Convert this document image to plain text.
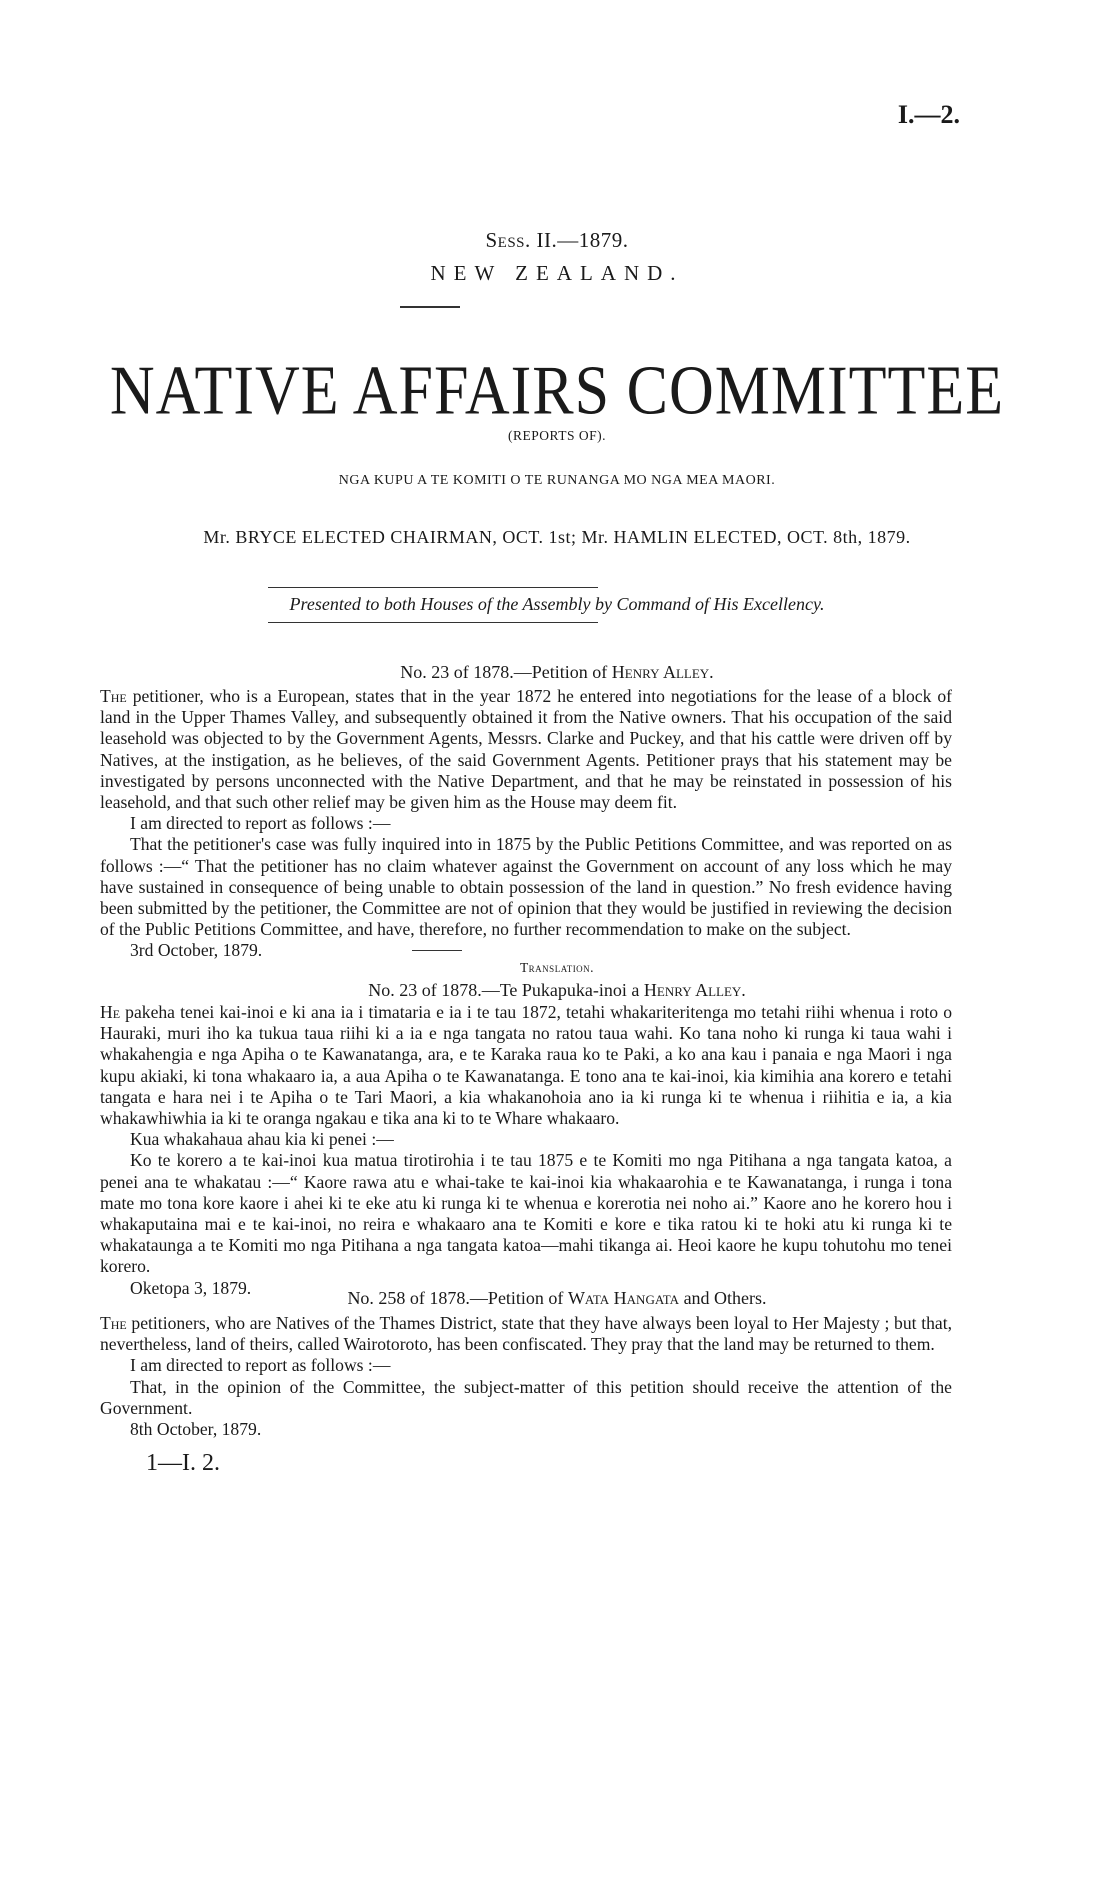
I.—2.
Sess. II.—1879.
NEW ZEALAND.
NATIVE AFFAIRS COMMITTEE
(REPORTS OF).
NGA KUPU A TE KOMITI O TE RUNANGA MO NGA MEA MAORI.
Mr. BRYCE ELECTED CHAIRMAN, OCT. 1st; Mr. HAMLIN ELECTED, OCT. 8th, 1879.
Presented to both Houses of the Assembly by Command of His Excellency.
No. 23 of 1878.—Petition of Henry Alley.

The petitioner, who is a European, states that in the year 1872 he entered into negotiations for the lease of a block of land in the Upper Thames Valley, and subsequently obtained it from the Native owners. That his occupation of the said leasehold was objected to by the Government Agents, Messrs. Clarke and Puckey, and that his cattle were driven off by Natives, at the instigation, as he believes, of the said Government Agents. Petitioner prays that his statement may be investigated by persons unconnected with the Native Department, and that he may be reinstated in possession of his leasehold, and that such other relief may be given him as the House may deem fit.

I am directed to report as follows :—

That the petitioner's case was fully inquired into in 1875 by the Public Petitions Committee, and was reported on as follows :—“ That the petitioner has no claim whatever against the Government on account of any loss which he may have sustained in consequence of being unable to obtain possession of the land in question.” No fresh evidence having been submitted by the petitioner, the Committee are not of opinion that they would be justified in reviewing the decision of the Public Petitions Committee, and have, therefore, no further recommendation to make on the subject.

3rd October, 1879.

Translation.
No. 23 of 1878.—Te Pukapuka-inoi a Henry Alley.

He pakeha tenei kai-inoi e ki ana ia i timataria e ia i te tau 1872, tetahi whakariteritenga mo tetahi riihi whenua i roto o Hauraki, muri iho ka tukua taua riihi ki a ia e nga tangata no ratou taua wahi. Ko tana noho ki runga ki taua wahi i whakahengia e nga Apiha o te Kawanatanga, ara, e te Karaka raua ko te Paki, a ko ana kau i panaia e nga Maori i nga kupu akiaki, ki tona whakaaro ia, a aua Apiha o te Kawanatanga. E tono ana te kai-inoi, kia kimihia ana korero e tetahi tangata e hara nei i te Apiha o te Tari Maori, a kia whakanohoia ano ia ki runga ki te whenua i riihitia e ia, a kia whakawhiwhia ia ki te oranga ngakau e tika ana ki to te Whare whakaaro.

Kua whakahaua ahau kia ki penei :—

Ko te korero a te kai-inoi kua matua tirotirohia i te tau 1875 e te Komiti mo nga Pitihana a nga tangata katoa, a penei ana te whakatau :—“ Kaore rawa atu e whai-take te kai-inoi kia whakaarohia e te Kawanatanga, i runga i tona mate mo tona kore kaore i ahei ki te eke atu ki runga ki te whenua e korerotia nei noho ai.” Kaore ano he korero hou i whakaputaina mai e te kai-inoi, no reira e whakaaro ana te Komiti e kore e tika ratou ki te hoki atu ki runga ki te whakataunga a te Komiti mo nga Pitihana a nga tangata katoa—mahi tikanga ai. Heoi kaore he kupu tohutohu mo tenei korero.

Oketopa 3, 1879.

No. 258 of 1878.—Petition of Wata Hangata and Others.

The petitioners, who are Natives of the Thames District, state that they have always been loyal to Her Majesty ; but that, nevertheless, land of theirs, called Wairotoroto, has been confiscated. They pray that the land may be returned to them.

I am directed to report as follows :—

That, in the opinion of the Committee, the subject-matter of this petition should receive the attention of the Government.

8th October, 1879.

1—I. 2.
